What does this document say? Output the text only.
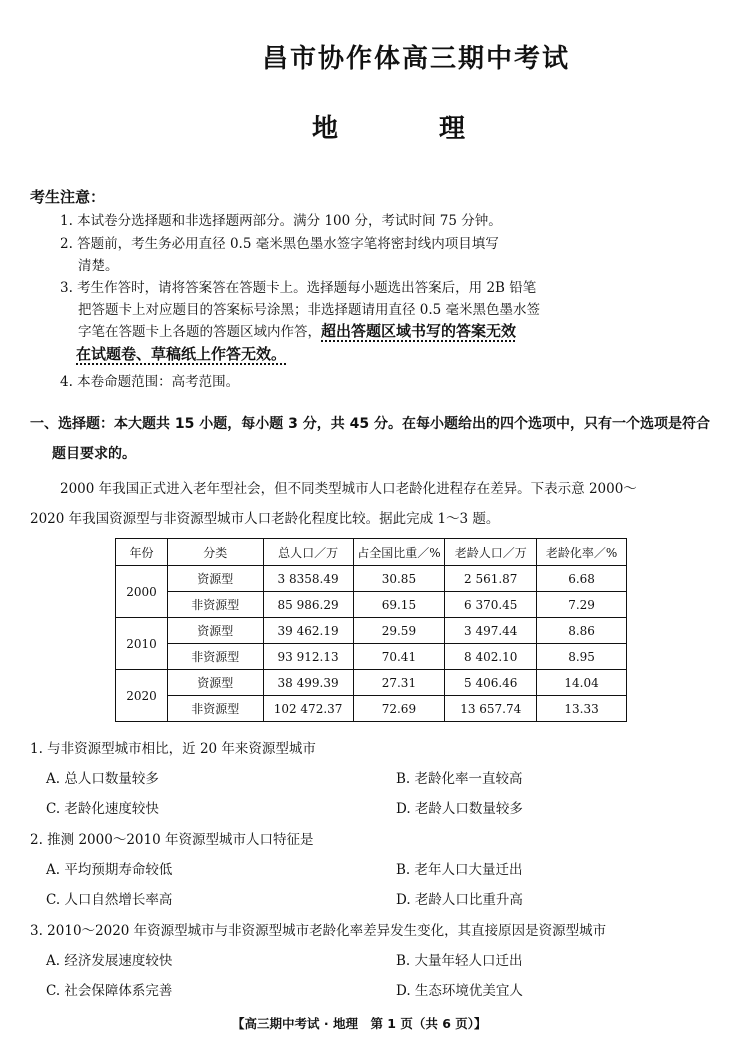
昌市协作体高三期中考试
地 理
考生注意：
1. 本试卷分选择题和非选择题两部分。满分 100 分，考试时间 75 分钟。
2. 答题前，考生务必用直径 0.5 毫米黑色墨水签字笔将密封线内项目填写
清楚。
3. 考生作答时，请将答案答在答题卡上。选择题每小题选出答案后，用 2B 铅笔
把答题卡上对应题目的答案标号涂黑；非选择题请用直径 0.5 毫米黑色墨水签
字笔在答题卡上各题的答题区域内作答，超出答题区域书写的答案无效
在试题卷、草稿纸上作答无效。
4. 本卷命题范围：高考范围。
一、选择题：本大题共 15 小题，每小题 3 分，共 45 分。在每小题给出的四个选项中，只有一个选项是符合
题目要求的。
2000 年我国正式进入老年型社会，但不同类型城市人口老龄化进程存在差异。下表示意 2000～
2020 年我国资源型与非资源型城市人口老龄化程度比较。据此完成 1～3 题。
年份	分类	总人口／万	占全国比重／%	老龄人口／万	老龄化率／%
2000	资源型	3 8358.49	30.85	2 561.87	6.68
	非资源型	85 986.29	69.15	6 370.45	7.29
2010	资源型	39 462.19	29.59	3 497.44	8.86
	非资源型	93 912.13	70.41	8 402.10	8.95
2020	资源型	38 499.39	27.31	5 406.46	14.04
	非资源型	102 472.37	72.69	13 657.74	13.33
1. 与非资源型城市相比，近 20 年来资源型城市
A. 总人口数量较多	B. 老龄化率一直较高
C. 老龄化速度较快	D. 老龄人口数量较多
2. 推测 2000～2010 年资源型城市人口特征是
A. 平均预期寿命较低	B. 老年人口大量迁出
C. 人口自然增长率高	D. 老龄人口比重升高
3. 2010～2020 年资源型城市与非资源型城市老龄化率差异发生变化，其直接原因是资源型城市
A. 经济发展速度较快	B. 大量年轻人口迁出
C. 社会保障体系完善	D. 生态环境优美宜人
【高三期中考试 · 地理　第 1 页（共 6 页）】
